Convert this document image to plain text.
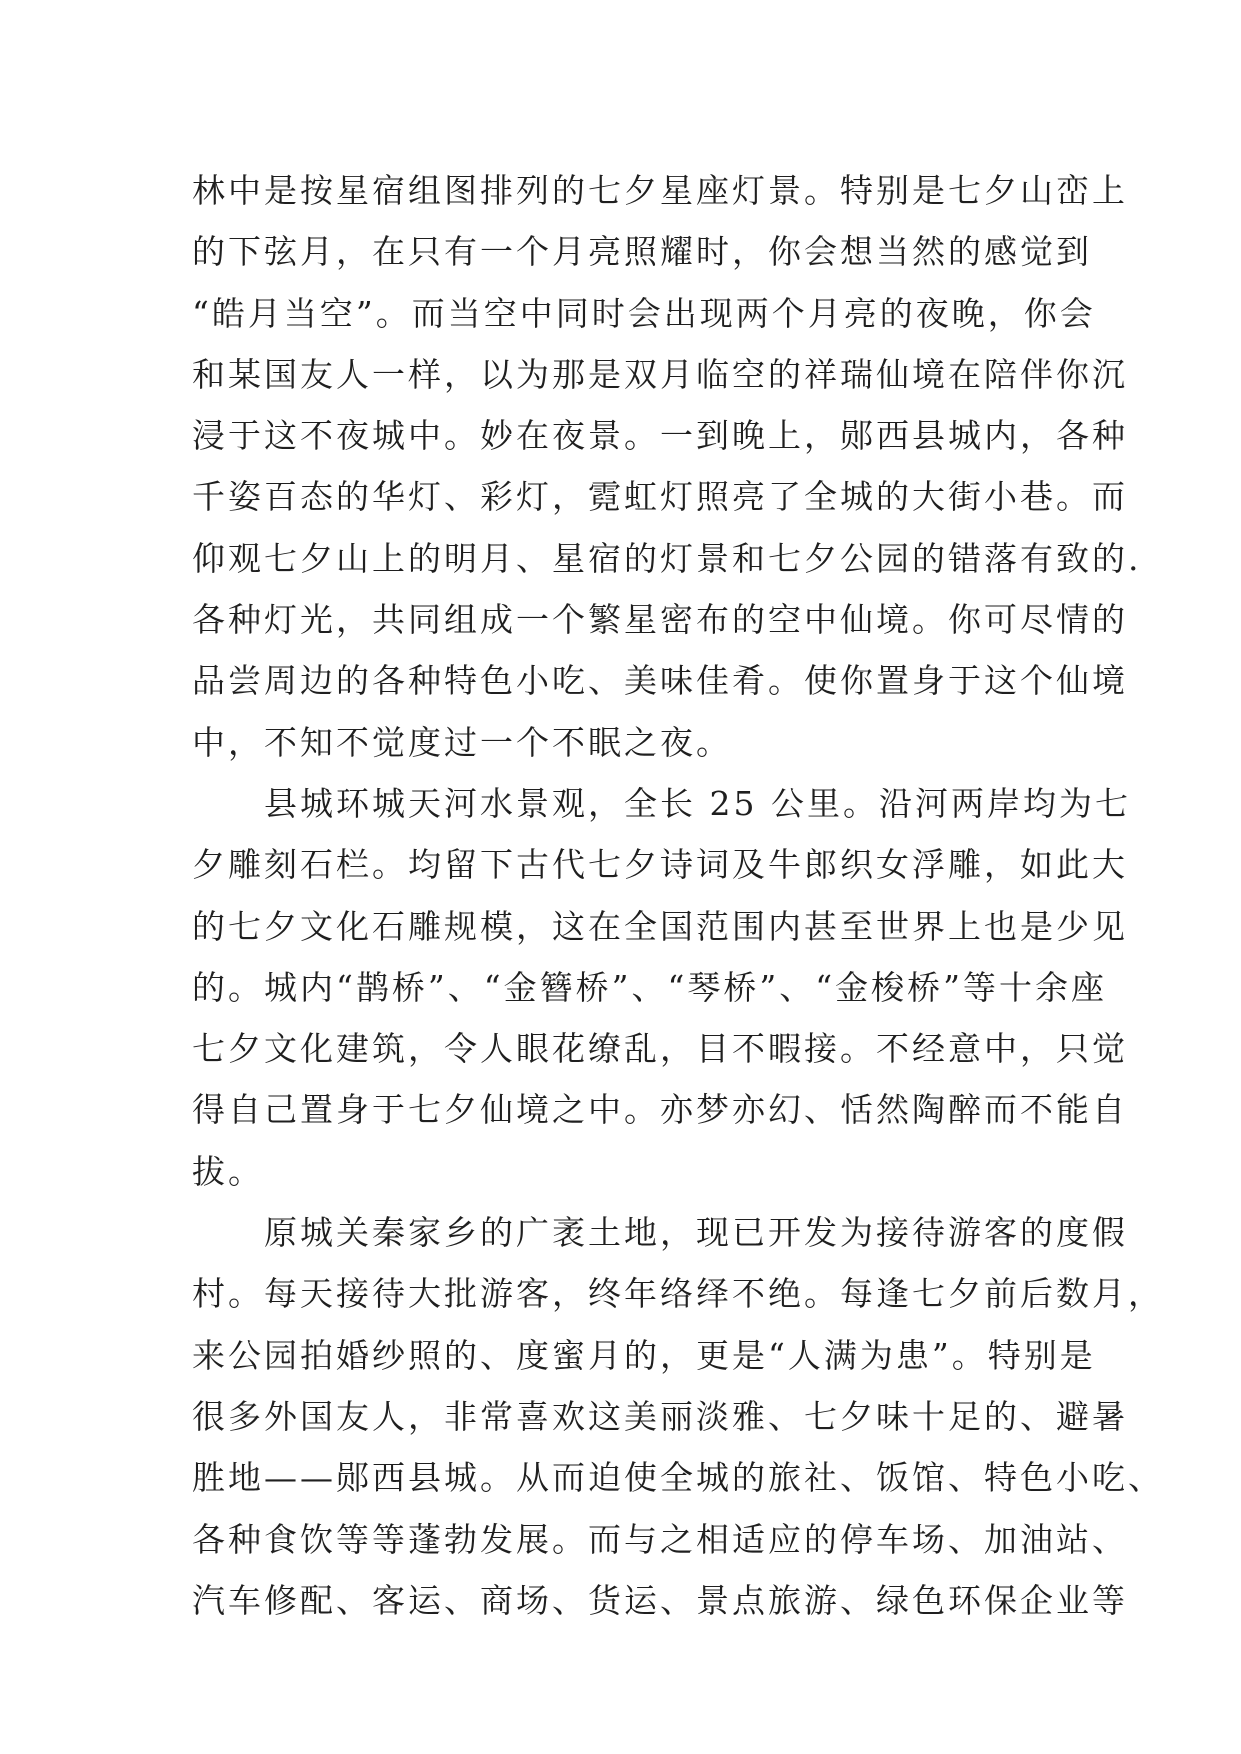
林中是按星宿组图排列的七夕星座灯景。特别是七夕山峦上
的下弦月，在只有一个月亮照耀时，你会想当然的感觉到
“皓月当空”。而当空中同时会出现两个月亮的夜晚，你会
和某国友人一样，以为那是双月临空的祥瑞仙境在陪伴你沉
浸于这不夜城中。妙在夜景。一到晚上，郧西县城内，各种
千姿百态的华灯、彩灯，霓虹灯照亮了全城的大街小巷。而
仰观七夕山上的明月、星宿的灯景和七夕公园的错落有致的.
各种灯光，共同组成一个繁星密布的空中仙境。你可尽情的
品尝周边的各种特色小吃、美味佳肴。使你置身于这个仙境
中，不知不觉度过一个不眠之夜。
　　县城环城天河水景观，全长 25 公里。沿河两岸均为七
夕雕刻石栏。均留下古代七夕诗词及牛郎织女浮雕，如此大
的七夕文化石雕规模，这在全国范围内甚至世界上也是少见
的。城内“鹊桥”、“金簪桥”、“琴桥”、“金梭桥”等十余座
七夕文化建筑，令人眼花缭乱，目不暇接。不经意中，只觉
得自己置身于七夕仙境之中。亦梦亦幻、恬然陶醉而不能自
拔。
　　原城关秦家乡的广袤土地，现已开发为接待游客的度假
村。每天接待大批游客，终年络绎不绝。每逢七夕前后数月，
来公园拍婚纱照的、度蜜月的，更是“人满为患”。特别是
很多外国友人，非常喜欢这美丽淡雅、七夕味十足的、避暑
胜地——郧西县城。从而迫使全城的旅社、饭馆、特色小吃、
各种食饮等等蓬勃发展。而与之相适应的停车场、加油站、
汽车修配、客运、商场、货运、景点旅游、绿色环保企业等
